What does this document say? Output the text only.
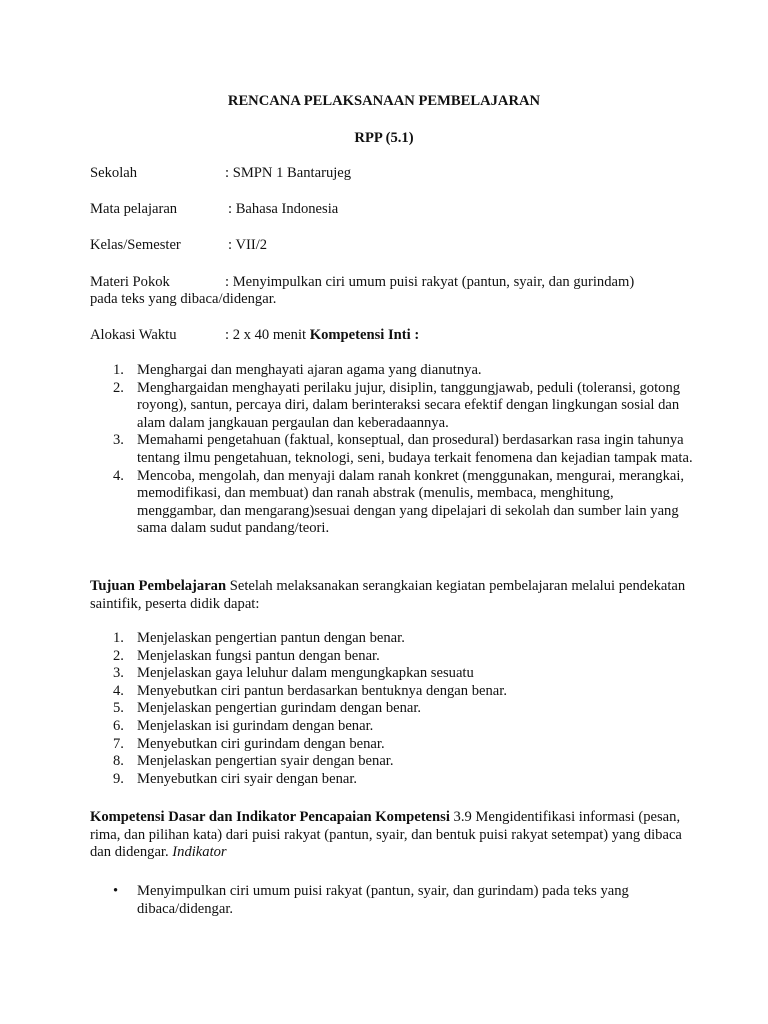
RENCANA PELAKSANAAN PEMBELAJARAN
RPP (5.1)
Sekolah	: SMPN 1 Bantarujeg
Mata pelajaran	: Bahasa Indonesia
Kelas/Semester	: VII/2
Materi Pokok	: Menyimpulkan ciri umum puisi rakyat (pantun, syair, dan gurindam)
pada teks yang dibaca/didengar.
Alokasi Waktu	: 2 x 40 menit Kompetensi Inti :
1. Menghargai dan menghayati ajaran agama yang dianutnya.
2. Menghargaidan menghayati perilaku jujur, disiplin, tanggungjawab, peduli (toleransi, gotong royong), santun, percaya diri, dalam berinteraksi secara efektif dengan lingkungan sosial dan alam dalam jangkauan pergaulan dan keberadaannya.
3. Memahami pengetahuan (faktual, konseptual, dan prosedural) berdasarkan rasa ingin tahunya tentang ilmu pengetahuan, teknologi, seni, budaya terkait fenomena dan kejadian tampak mata.
4. Mencoba, mengolah, dan menyaji dalam ranah konkret (menggunakan, mengurai, merangkai, memodifikasi, dan membuat) dan ranah abstrak (menulis, membaca, menghitung, menggambar, dan mengarang)sesuai dengan yang dipelajari di sekolah dan sumber lain yang sama dalam sudut pandang/teori.
Tujuan Pembelajaran Setelah melaksanakan serangkaian kegiatan pembelajaran melalui pendekatan saintifik, peserta didik dapat:
1. Menjelaskan pengertian pantun dengan benar.
2. Menjelaskan fungsi pantun dengan benar.
3. Menjelaskan gaya leluhur dalam mengungkapkan sesuatu
4. Menyebutkan ciri pantun berdasarkan bentuknya dengan benar.
5. Menjelaskan pengertian gurindam dengan benar.
6. Menjelaskan isi gurindam dengan benar.
7. Menyebutkan ciri gurindam dengan benar.
8. Menjelaskan pengertian syair dengan benar.
9. Menyebutkan ciri syair dengan benar.
Kompetensi Dasar dan Indikator Pencapaian Kompetensi 3.9 Mengidentifikasi informasi (pesan, rima, dan pilihan kata) dari puisi rakyat (pantun, syair, dan bentuk puisi rakyat setempat) yang dibaca dan didengar. Indikator
•	Menyimpulkan ciri umum puisi rakyat (pantun, syair, dan gurindam) pada teks yang dibaca/didengar.
